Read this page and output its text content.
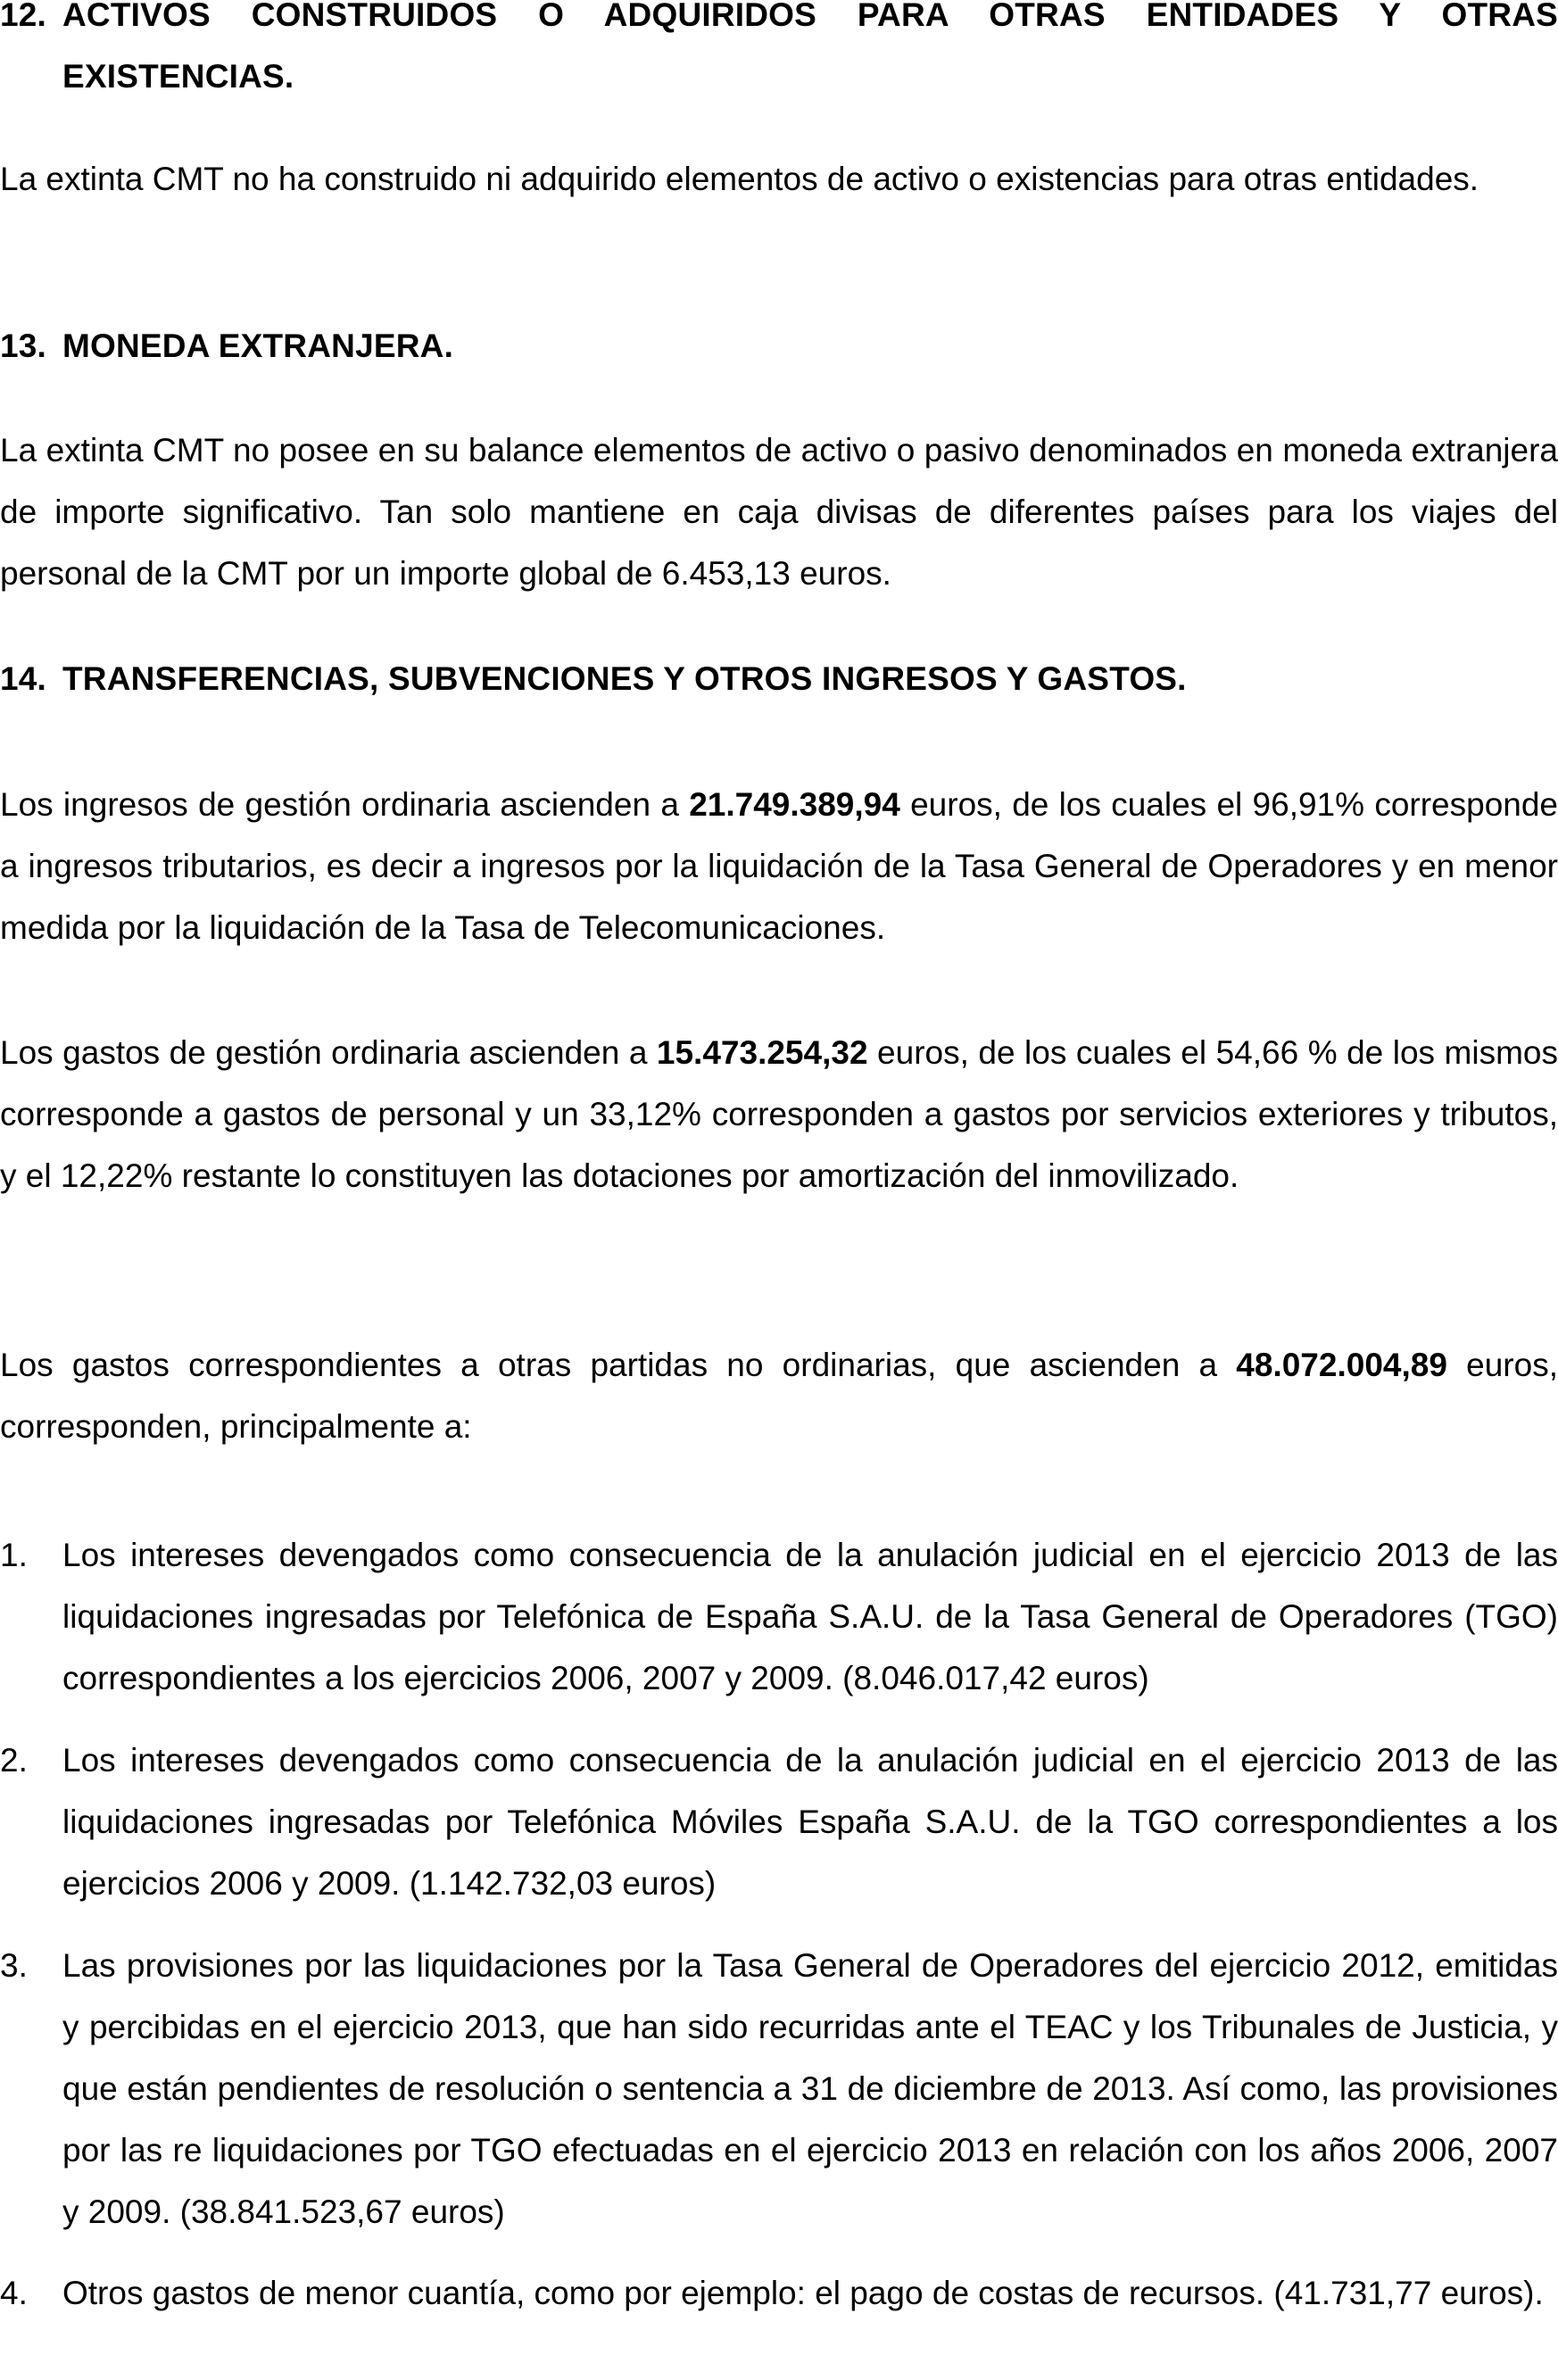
12. ACTIVOS CONSTRUIDOS O ADQUIRIDOS PARA OTRAS ENTIDADES Y OTRAS
EXISTENCIAS.
La extinta CMT no ha construido ni adquirido elementos de activo o existencias para otras entidades.
13. MONEDA EXTRANJERA.
La extinta CMT no posee en su balance elementos de activo o pasivo denominados en moneda extranjera de importe significativo. Tan solo mantiene en caja divisas de diferentes países para los viajes del personal de la CMT por un importe global de 6.453,13 euros.
14. TRANSFERENCIAS, SUBVENCIONES Y OTROS INGRESOS Y GASTOS.
Los ingresos de gestión ordinaria ascienden a 21.749.389,94 euros, de los cuales el 96,91% corresponde a ingresos tributarios, es decir a ingresos por la liquidación de la Tasa General de Operadores y en menor medida por la liquidación de la Tasa de Telecomunicaciones.
Los gastos de gestión ordinaria ascienden a 15.473.254,32 euros, de los cuales el 54,66 % de los mismos corresponde a gastos de personal y un 33,12% corresponden a gastos por servicios exteriores y tributos, y el 12,22% restante lo constituyen las dotaciones por amortización del inmovilizado.
Los gastos correspondientes a otras partidas no ordinarias, que ascienden a 48.072.004,89 euros, corresponden, principalmente a:
1.	Los intereses devengados como consecuencia de la anulación judicial en el ejercicio 2013 de las liquidaciones ingresadas por Telefónica de España S.A.U. de la Tasa General de Operadores (TGO) correspondientes a los ejercicios 2006, 2007 y 2009. (8.046.017,42 euros)
2.	Los intereses devengados como consecuencia de la anulación judicial en el ejercicio 2013 de las liquidaciones ingresadas por Telefónica Móviles España S.A.U. de la TGO correspondientes a los ejercicios 2006 y 2009. (1.142.732,03 euros)
3.	Las provisiones por las liquidaciones por la Tasa General de Operadores del ejercicio 2012, emitidas y percibidas en el ejercicio 2013, que han sido recurridas ante el TEAC y los Tribunales de Justicia, y que están pendientes de resolución o sentencia a 31 de diciembre de 2013. Así como, las provisiones por las re liquidaciones por TGO efectuadas en el ejercicio 2013 en relación con los años 2006, 2007 y 2009. (38.841.523,67 euros)
4.	Otros gastos de menor cuantía, como por ejemplo: el pago de costas de recursos. (41.731,77 euros).
